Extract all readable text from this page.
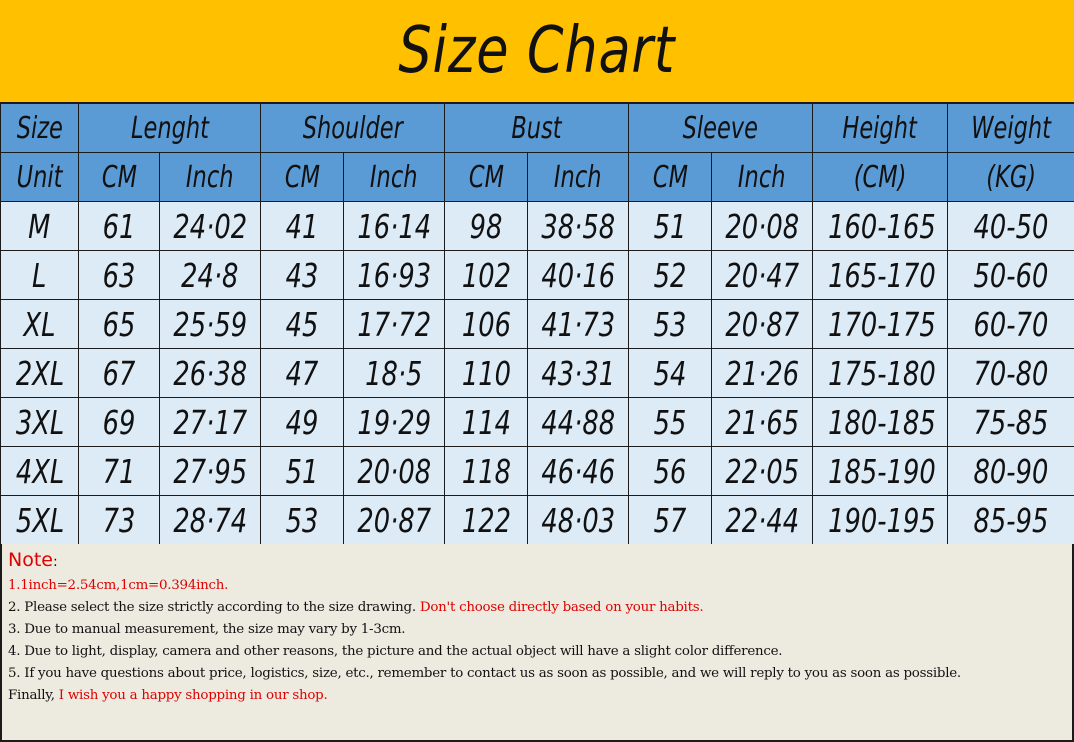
Size Chart
Size	Lenght		Shoulder		Bust		Sleeve		Height	Weight
Unit	CM	Inch	CM	Inch	CM	Inch	CM	Inch	(CM)	(KG)
M	61	24·02	41	16·14	98	38·58	51	20·08	160-165	40-50
L	63	24·8	43	16·93	102	40·16	52	20·47	165-170	50-60
XL	65	25·59	45	17·72	106	41·73	53	20·87	170-175	60-70
2XL	67	26·38	47	18·5	110	43·31	54	21·26	175-180	70-80
3XL	69	27·17	49	19·29	114	44·88	55	21·65	180-185	75-85
4XL	71	27·95	51	20·08	118	46·46	56	22·05	185-190	80-90
5XL	73	28·74	53	20·87	122	48·03	57	22·44	190-195	85-95
Note:
1.1inch=2.54cm,1cm=0.394inch.
2. Please select the size strictly according to the size drawing. Don't choose directly based on your habits.
3. Due to manual measurement, the size may vary by 1-3cm.
4. Due to light, display, camera and other reasons, the picture and the actual object will have a slight color difference.
5. If you have questions about price, logistics, size, etc., remember to contact us as soon as possible, and we will reply to you as soon as possible.
Finally, I wish you a happy shopping in our shop.
